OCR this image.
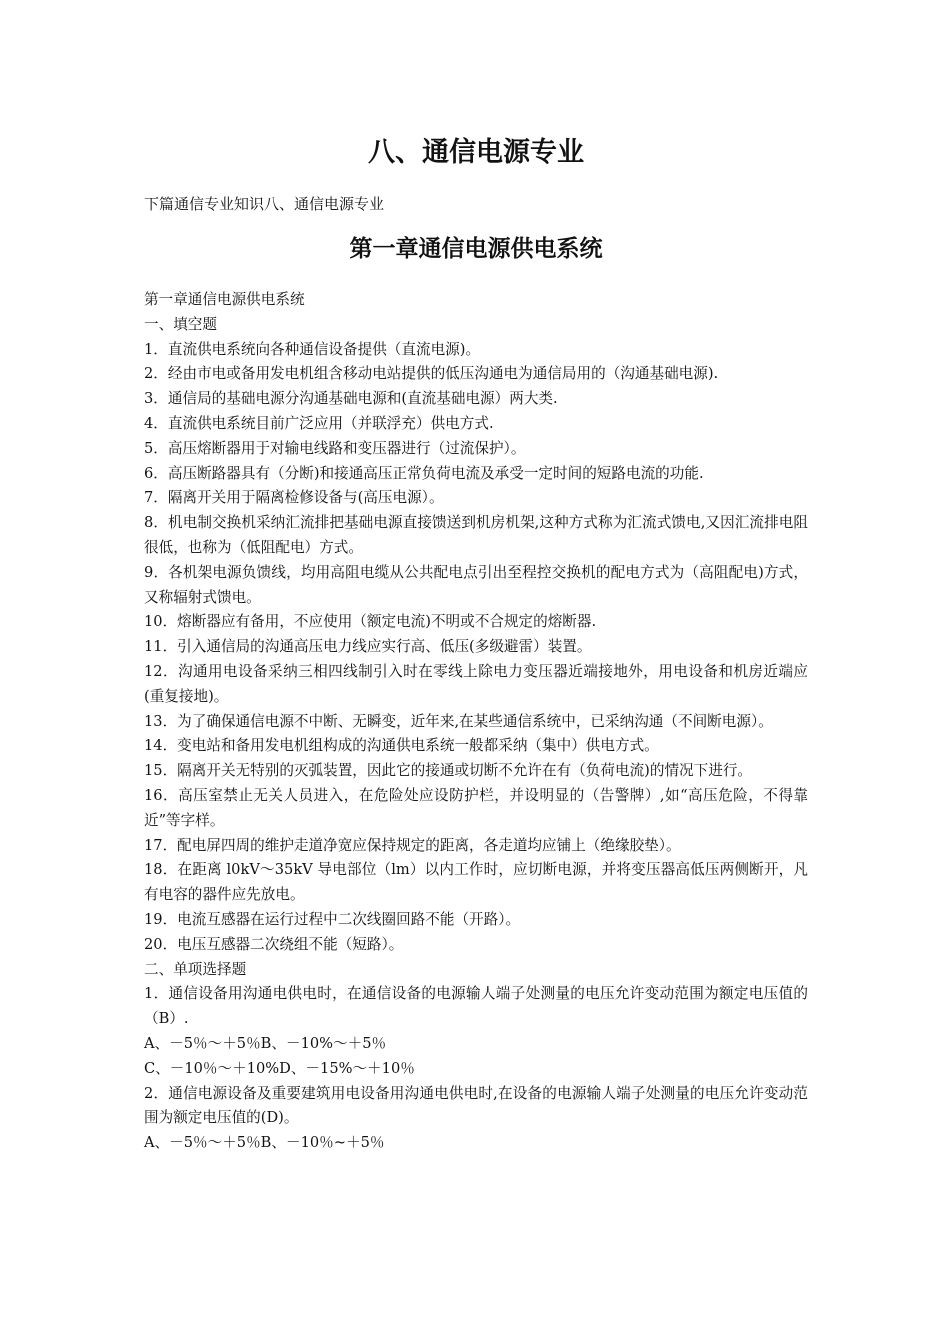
八、通信电源专业

下篇通信专业知识八、通信电源专业

第一章通信电源供电系统

第一章通信电源供电系统

一、填空题

1．直流供电系统向各种通信设备提供（直流电源)。

2．经由市电或备用发电机组含移动电站提供的低压沟通电为通信局用的（沟通基础电源).

3．通信局的基础电源分沟通基础电源和(直流基础电源）两大类.

4．直流供电系统目前广泛应用（并联浮充）供电方式.

5．高压熔断器用于对输电线路和变压器进行（过流保护）。

6．高压断路器具有（分断)和接通高压正常负荷电流及承受一定时间的短路电流的功能.

7．隔离开关用于隔离检修设备与(高压电源）。

8．机电制交换机采纳汇流排把基础电源直接馈送到机房机架,这种方式称为汇流式馈电,又因汇流排电阻很低，也称为（低阻配电）方式。

9．各机架电源负馈线，均用高阻电缆从公共配电点引出至程控交换机的配电方式为（高阻配电)方式，又称辐射式馈电。

10．熔断器应有备用，不应使用（额定电流)不明或不合规定的熔断器.

11．引入通信局的沟通高压电力线应实行高、低压(多级避雷）装置。

12．沟通用电设备采纳三相四线制引入时在零线上除电力变压器近端接地外，用电设备和机房近端应(重复接地)。

13．为了确保通信电源不中断、无瞬变，近年来,在某些通信系统中，已采纳沟通（不间断电源）。

14．变电站和备用发电机组构成的沟通供电系统一般都采纳（集中）供电方式。

15．隔离开关无特别的灭弧装置，因此它的接通或切断不允许在有（负荷电流)的情况下进行。

16．高压室禁止无关人员进入，在危险处应设防护栏，并设明显的（告警牌）,如“高压危险，不得靠近”等字样。

17．配电屏四周的维护走道净宽应保持规定的距离，各走道均应铺上（绝缘胶垫）。

18．在距离 l0kV～35kV 导电部位（lm）以内工作时，应切断电源，并将变压器高低压两侧断开，凡有电容的器件应先放电。

19．电流互感器在运行过程中二次线圈回路不能（开路）。

20．电压互感器二次绕组不能（短路）。

二、单项选择题

1．通信设备用沟通电供电时，在通信设备的电源输人端子处测量的电压允许变动范围为额定电压值的（B）.

A、－5％～＋5％B、－10%～＋5％

C、－10％～＋10%D、－15%～＋10％

2．通信电源设备及重要建筑用电设备用沟通电供电时,在设备的电源输人端子处测量的电压允许变动范围为额定电压值的(D)。

A、－5％～＋5％B、－10％~＋5％
